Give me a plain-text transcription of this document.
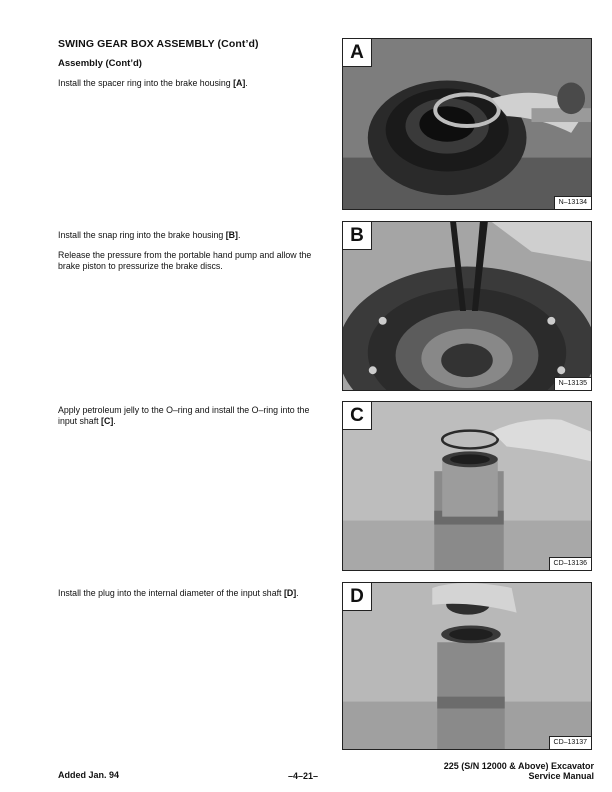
SWING GEAR BOX ASSEMBLY (Cont’d)
Assembly (Cont’d)
Install the spacer ring into the brake housing [A].
Install the snap ring into the brake housing [B].
Release the pressure from the portable hand pump and allow the brake piston to pressurize the brake discs.
Apply petroleum jelly to the O–ring and install the O–ring into the input shaft [C].
Install the plug into the internal diameter of the input shaft [D].
A
N–13134
B
N–13135
C
CD–13136
D
CD–13137
Added Jan. 94	–4–21–
225 (S/N 12000 & Above) Excavator
Service Manual
